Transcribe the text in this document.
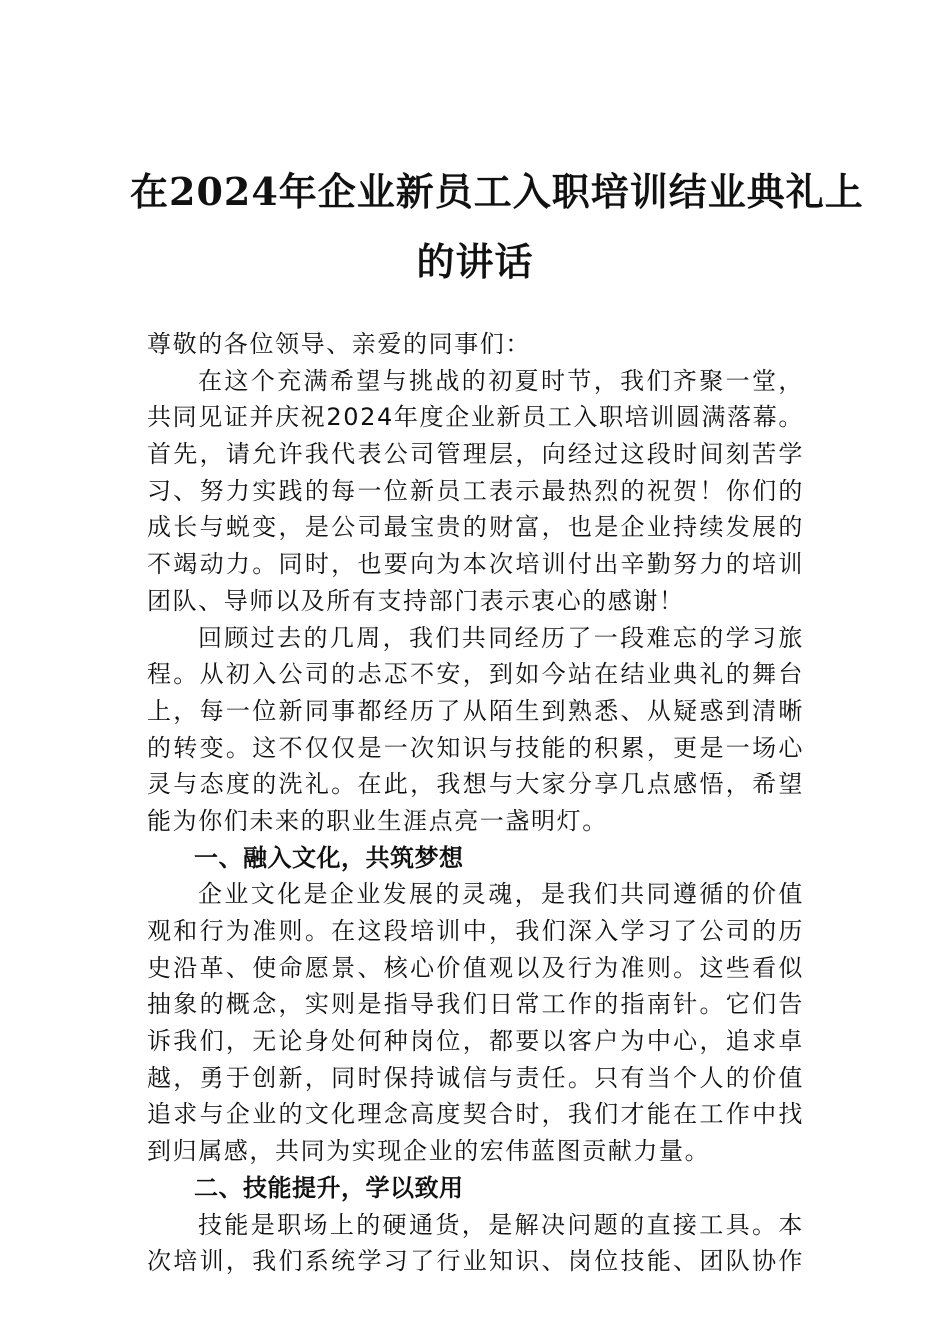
在2024年企业新员工入职培训结业典礼上
的讲话
尊敬的各位领导、亲爱的同事们：
在这个充满希望与挑战的初夏时节，我们齐聚一堂，
共同见证并庆祝2024年度企业新员工入职培训圆满落幕。
首先，请允许我代表公司管理层，向经过这段时间刻苦学
习、努力实践的每一位新员工表示最热烈的祝贺！你们的
成长与蜕变，是公司最宝贵的财富，也是企业持续发展的
不竭动力。同时，也要向为本次培训付出辛勤努力的培训
团队、导师以及所有支持部门表示衷心的感谢！
回顾过去的几周，我们共同经历了一段难忘的学习旅
程。从初入公司的忐忑不安，到如今站在结业典礼的舞台
上，每一位新同事都经历了从陌生到熟悉、从疑惑到清晰
的转变。这不仅仅是一次知识与技能的积累，更是一场心
灵与态度的洗礼。在此，我想与大家分享几点感悟，希望
能为你们未来的职业生涯点亮一盏明灯。
一、融入文化，共筑梦想
企业文化是企业发展的灵魂，是我们共同遵循的价值
观和行为准则。在这段培训中，我们深入学习了公司的历
史沿革、使命愿景、核心价值观以及行为准则。这些看似
抽象的概念，实则是指导我们日常工作的指南针。它们告
诉我们，无论身处何种岗位，都要以客户为中心，追求卓
越，勇于创新，同时保持诚信与责任。只有当个人的价值
追求与企业的文化理念高度契合时，我们才能在工作中找
到归属感，共同为实现企业的宏伟蓝图贡献力量。
二、技能提升，学以致用
技能是职场上的硬通货，是解决问题的直接工具。本
次培训，我们系统学习了行业知识、岗位技能、团队协作
